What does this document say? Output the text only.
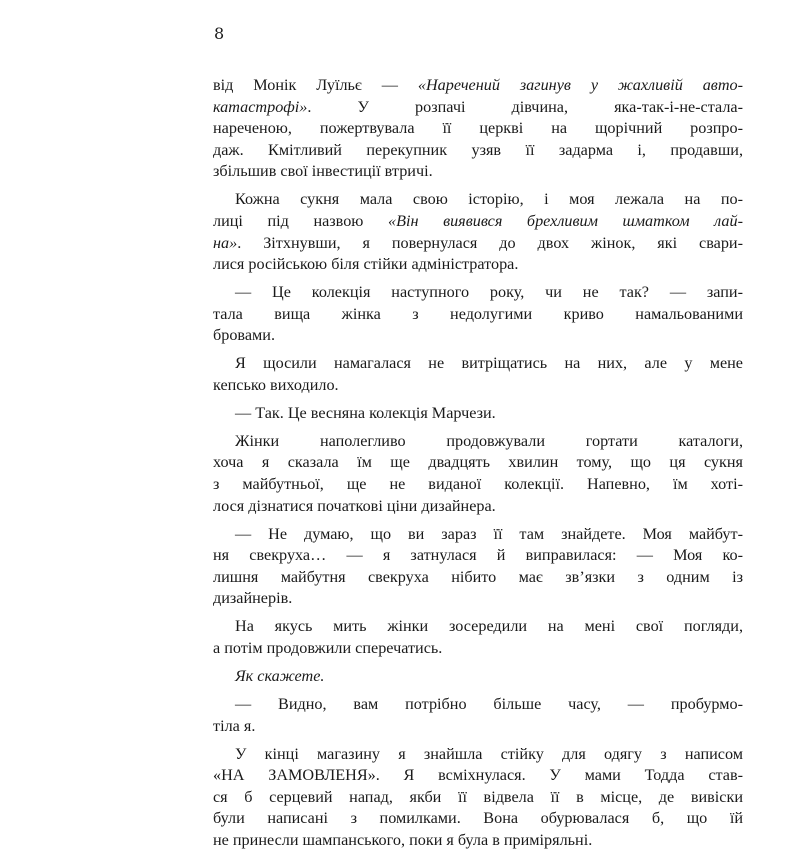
8

від Монік Луїльє — «Наречений загинув у жахливій авто-
катастрофі». У розпачі дівчина, яка-так-і-не-стала-
нареченою, пожертвувала її церкві на щорічний розпро-
даж. Кмітливий перекупник узяв її задарма і, продавши,
збільшив свої інвестиції втричі.

Кожна сукня мала свою історію, і моя лежала на по-
лиці під назвою «Він виявився брехливим шматком лай-
на». Зітхнувши, я повернулася до двох жінок, які свари-
лися російською біля стійки адміністратора.

— Це колекція наступного року, чи не так? — запи-
тала вища жінка з недолугими криво намальованими
бровами.

Я щосили намагалася не витріщатись на них, але у мене
кепсько виходило.

— Так. Це весняна колекція Марчези.

Жінки наполегливо продовжували гортати каталоги,
хоча я сказала їм ще двадцять хвилин тому, що ця сукня
з майбутньої, ще не виданої колекції. Напевно, їм хоті-
лося дізнатися початкові ціни дизайнера.

— Не думаю, що ви зараз її там знайдете. Моя майбут-
ня свекруха… — я затнулася й виправилася: — Моя ко-
лишня майбутня свекруха нібито має зв’язки з одним із
дизайнерів.

На якусь мить жінки зосередили на мені свої погляди,
а потім продовжили сперечатись.

Як скажете.

— Видно, вам потрібно більше часу, — пробурмо-
тіла я.

У кінці магазину я знайшла стійку для одягу з написом
«НА ЗАМОВЛЕНЯ». Я всміхнулася. У мами Тодда став-
ся б серцевий напад, якби її відвела її в місце, де вивіски
були написані з помилками. Вона обурювалася б, що їй
не принесли шампанського, поки я була в приміряльні.
